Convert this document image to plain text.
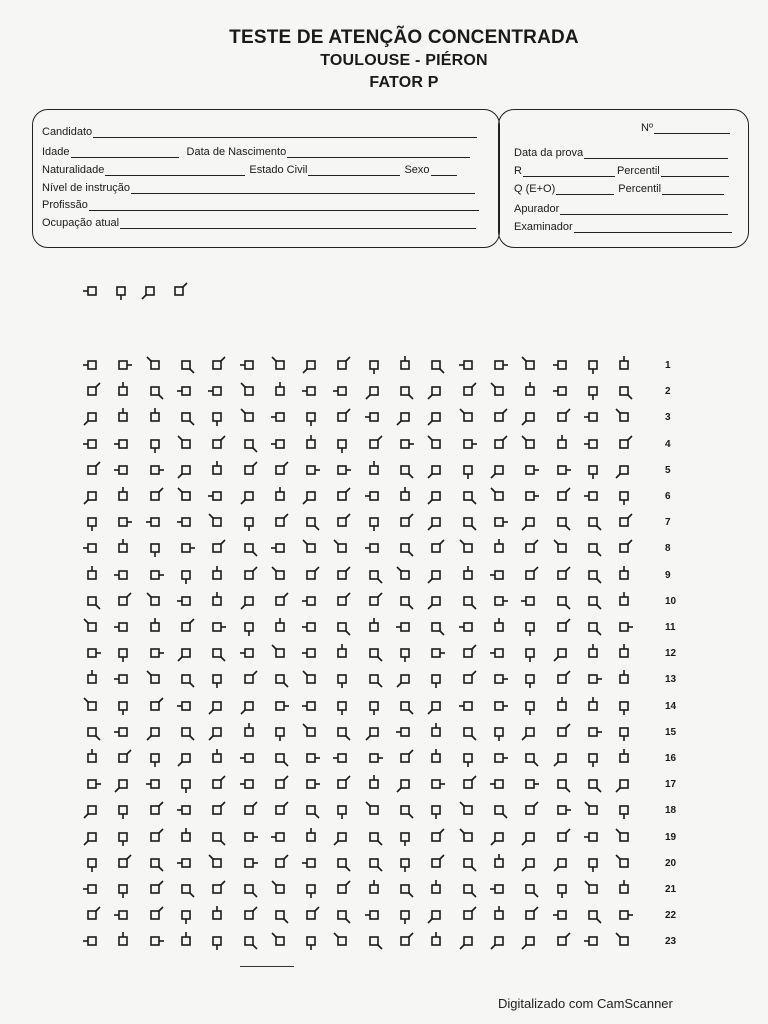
TESTE DE ATENÇÃO CONCENTRADA
TOULOUSE - PIÉRON
FATOR P
Candidato
Idade	Data de Nascimento
Naturalidade	Estado Civil	Sexo
Nível de instrução
Profissão
Ocupação atual
Nº
Data da prova
R	Percentil
Q (E+O)	Percentil
Apurador
Examinador
1
2
3
4
5
6
7
8
9
10
11
12
13
14
15
16
17
18
19
20
21
22
23
Digitalizado com CamScanner
